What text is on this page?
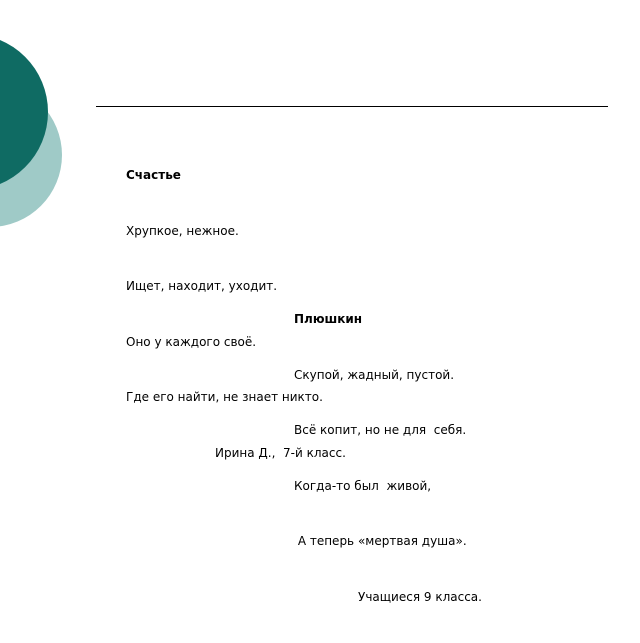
Счастье

Хрупкое, нежное.

Ищет, находит, уходит.

Оно у каждого своё.

Где его найти, не знает никто.

Ирина Д.,  7-й класс.

Плюшкин

Скупой, жадный, пустой.

Всё копит, но не для  себя.

Когда-то был  живой,

А теперь «мертвая душа».

Учащиеся 9 класса.
